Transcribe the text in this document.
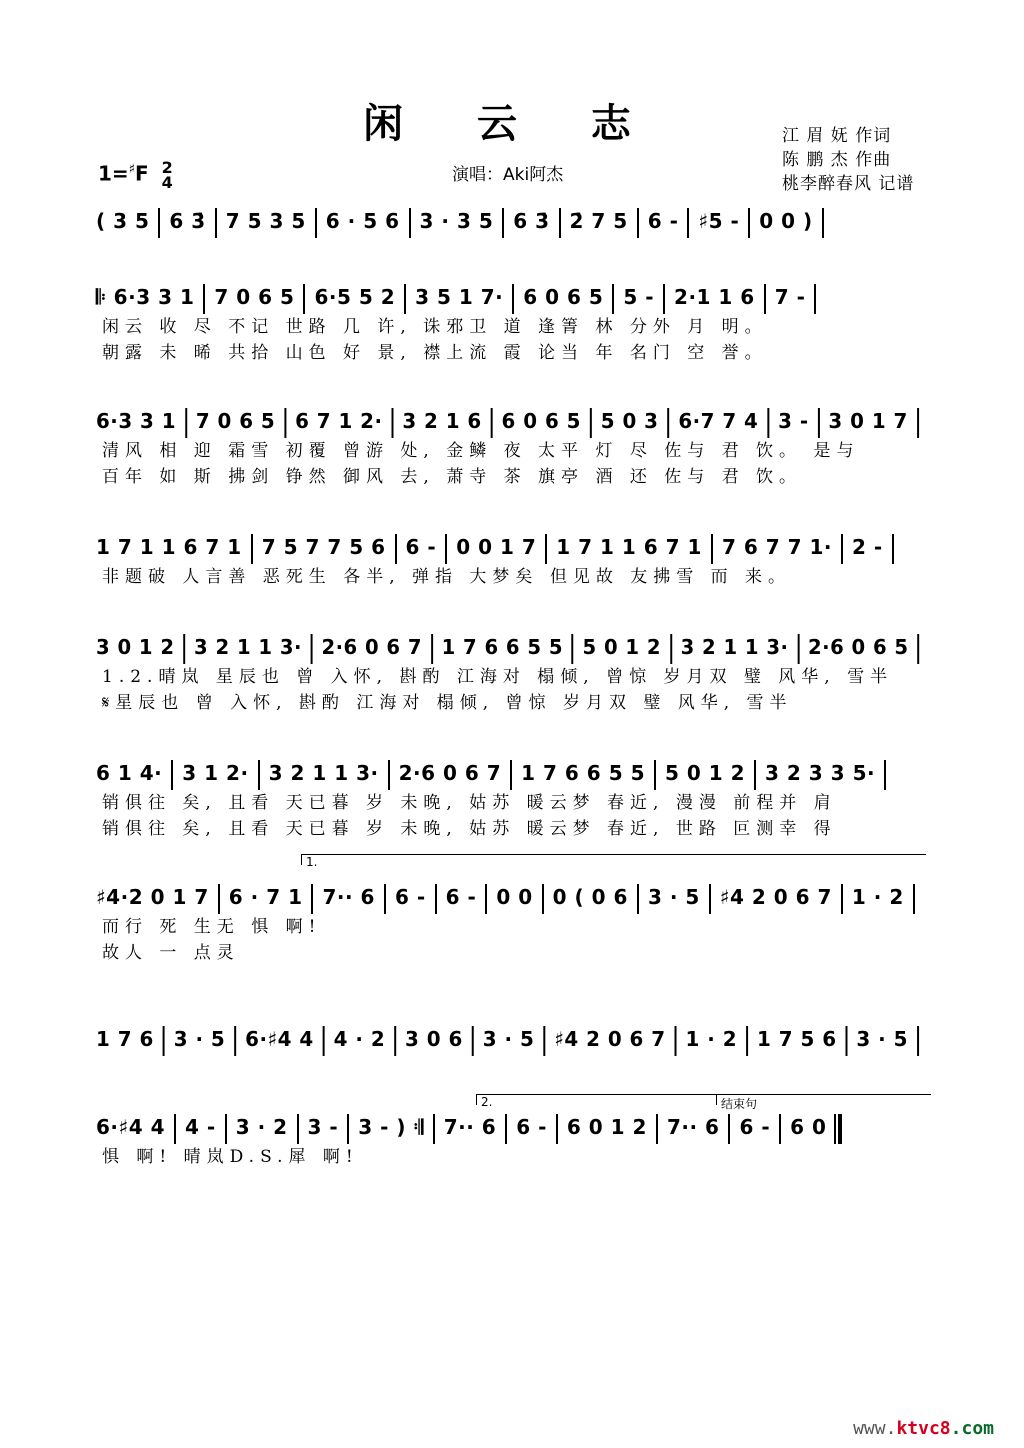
闲 云 志
1=♯F 2
4	演唱：Aki阿杰
江 眉 妩 作词
陈 鹏 杰 作曲
桃李醉春风 记谱
( 3 5 6 3̇ 7 5 3 5 6 · 5 6 3 · 3 5 6 3̇ 2̇ 7 5 6 - ♯5 - 0 0 )
𝄆 6·3 3 1 7 0 6 5 6·5 5 2 3 5 1 7· 6 0 6 5 5 - 2·1 1 6 7 -
闲云 收 尽 不记 世路 几 许, 诛邪卫 道 逢箐 林 分外 月 明。
朝露 未 晞 共拾 山色 好 景, 襟上流 霞 论当 年 名门 空 誉。
6·3 3 1 7 0 6 5 6 7 1 2· 3 2 1 6 6 0 6 5 5 0 3 6·7 7 4 3 - 3 0 1 7
清风 相 迎 霜雪 初覆 曾游 处, 金鳞 夜 太平 灯 尽 佐与 君 饮。 是与
百年 如 斯 拂剑 铮然 御风 去, 萧寺 茶 旗亭 酒 还 佐与 君 饮。
1 7 1 1 6 7 1 7 5 7 7 5 6 6 - 0 0 1 7 1 7 1 1 6 7 1 7 6 7 7 1· 2 -
非题破 人言善 恶死生 各半, 弹指 大梦矣 但见故 友拂雪 而 来。
3 0 1 2 3 2 1 1 3· 2·6 0 6 7 1 7 6 6 5 5 5 0 1 2 3 2 1 1 3· 2·6 0 6 5
1.2.晴岚 星辰也 曾 入怀, 斟酌 江海对 榻倾, 曾惊 岁月双 璧 风华, 雪半
𝄋星辰也 曾 入怀, 斟酌 江海对 榻倾, 曾惊 岁月双 璧 风华, 雪半
6 1 4· 3 1 2· 3 2 1 1 3· 2·6 0 6 7 1 7 6 6 5 5 5 0 1 2 3 2 3 3 5·
销俱往 矣, 且看 天已暮 岁 未晚, 姑苏 暖云梦 春近, 漫漫 前程并 肩
销俱往 矣, 且看 天已暮 岁 未晚, 姑苏 暖云梦 春近, 世路 叵测幸 得
1.
♯4·2 0 1 7 6 · 7 1 7·· 6 6 - 6 - 0 0 0 ( 0 6 3 · 5 ♯4 2 0 6 7 1 · 2
而行 死 生无 惧 啊!
故人 一 点灵
1 7 6 3 · 5 6·♯4 4 4 · 2 3 0 6 3 · 5 ♯4 2 0 6 7 1 · 2 1 7 5 6 3 · 5
2.	结束句
6·♯4 4 4 - 3 · 2 3 - 3 - ) 𝄇 7·· 6 6 - 6 0 1 2 7·· 6 6 - 6 0
惧 啊! 晴岚D.S.犀 啊!
www.ktvc8.com
